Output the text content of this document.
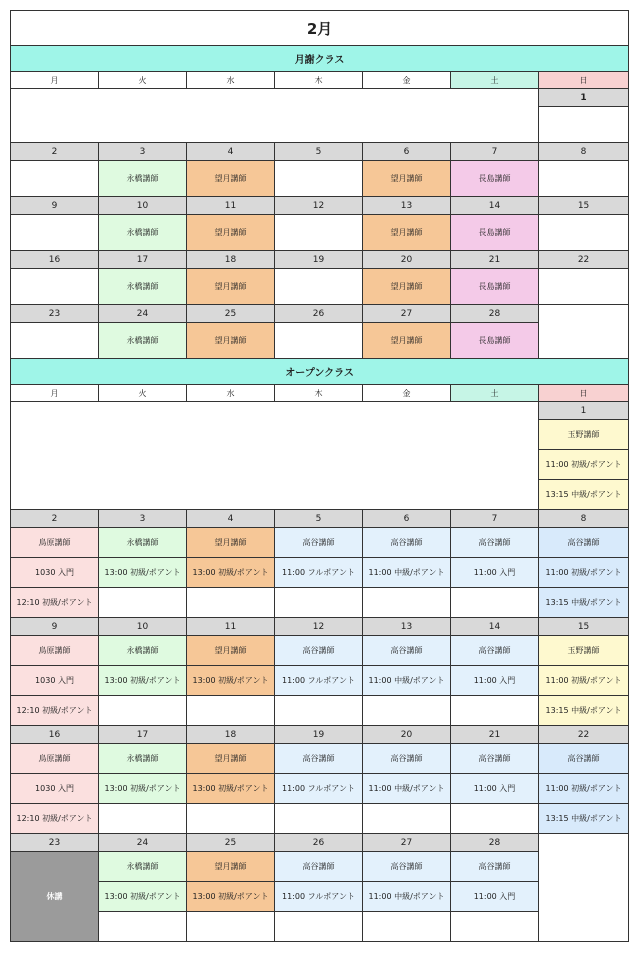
2月						
月謝クラス						
月	火	水	木	金	土	日
						1

2	3	4	5	6	7	8
	永橋講師	望月講師		望月講師	長島講師	
9	10	11	12	13	14	15
	永橋講師	望月講師		望月講師	長島講師	
16	17	18	19	20	21	22
	永橋講師	望月講師		望月講師	長島講師	
23	24	25	26	27	28	
	永橋講師	望月講師		望月講師	長島講師	
オープンクラス						
月	火	水	木	金	土	日
						1
						玉野講師
						11:00 初級/ポアント
						13:15 中級/ポアント
2	3	4	5	6	7	8
鳥原講師	永橋講師	望月講師	高谷講師	高谷講師	高谷講師	高谷講師
1030 入門	13:00 初級/ポアント	13:00 初級/ポアント	11:00 フルポアント	11:00 中級/ポアント	11:00 入門	11:00 初級/ポアント
12:10 初級/ポアント						13:15 中級/ポアント
9	10	11	12	13	14	15
鳥原講師	永橋講師	望月講師	高谷講師	高谷講師	高谷講師	玉野講師
1030 入門	13:00 初級/ポアント	13:00 初級/ポアント	11:00 フルポアント	11:00 中級/ポアント	11:00 入門	11:00 初級/ポアント
12:10 初級/ポアント						13:15 中級/ポアント
16	17	18	19	20	21	22
鳥原講師	永橋講師	望月講師	高谷講師	高谷講師	高谷講師	高谷講師
1030 入門	13:00 初級/ポアント	13:00 初級/ポアント	11:00 フルポアント	11:00 中級/ポアント	11:00 入門	11:00 初級/ポアント
12:10 初級/ポアント						13:15 中級/ポアント
23	24	25	26	27	28	
休講	永橋講師	望月講師	高谷講師	高谷講師	高谷講師	
	13:00 初級/ポアント	13:00 初級/ポアント	11:00 フルポアント	11:00 中級/ポアント	11:00 入門	
